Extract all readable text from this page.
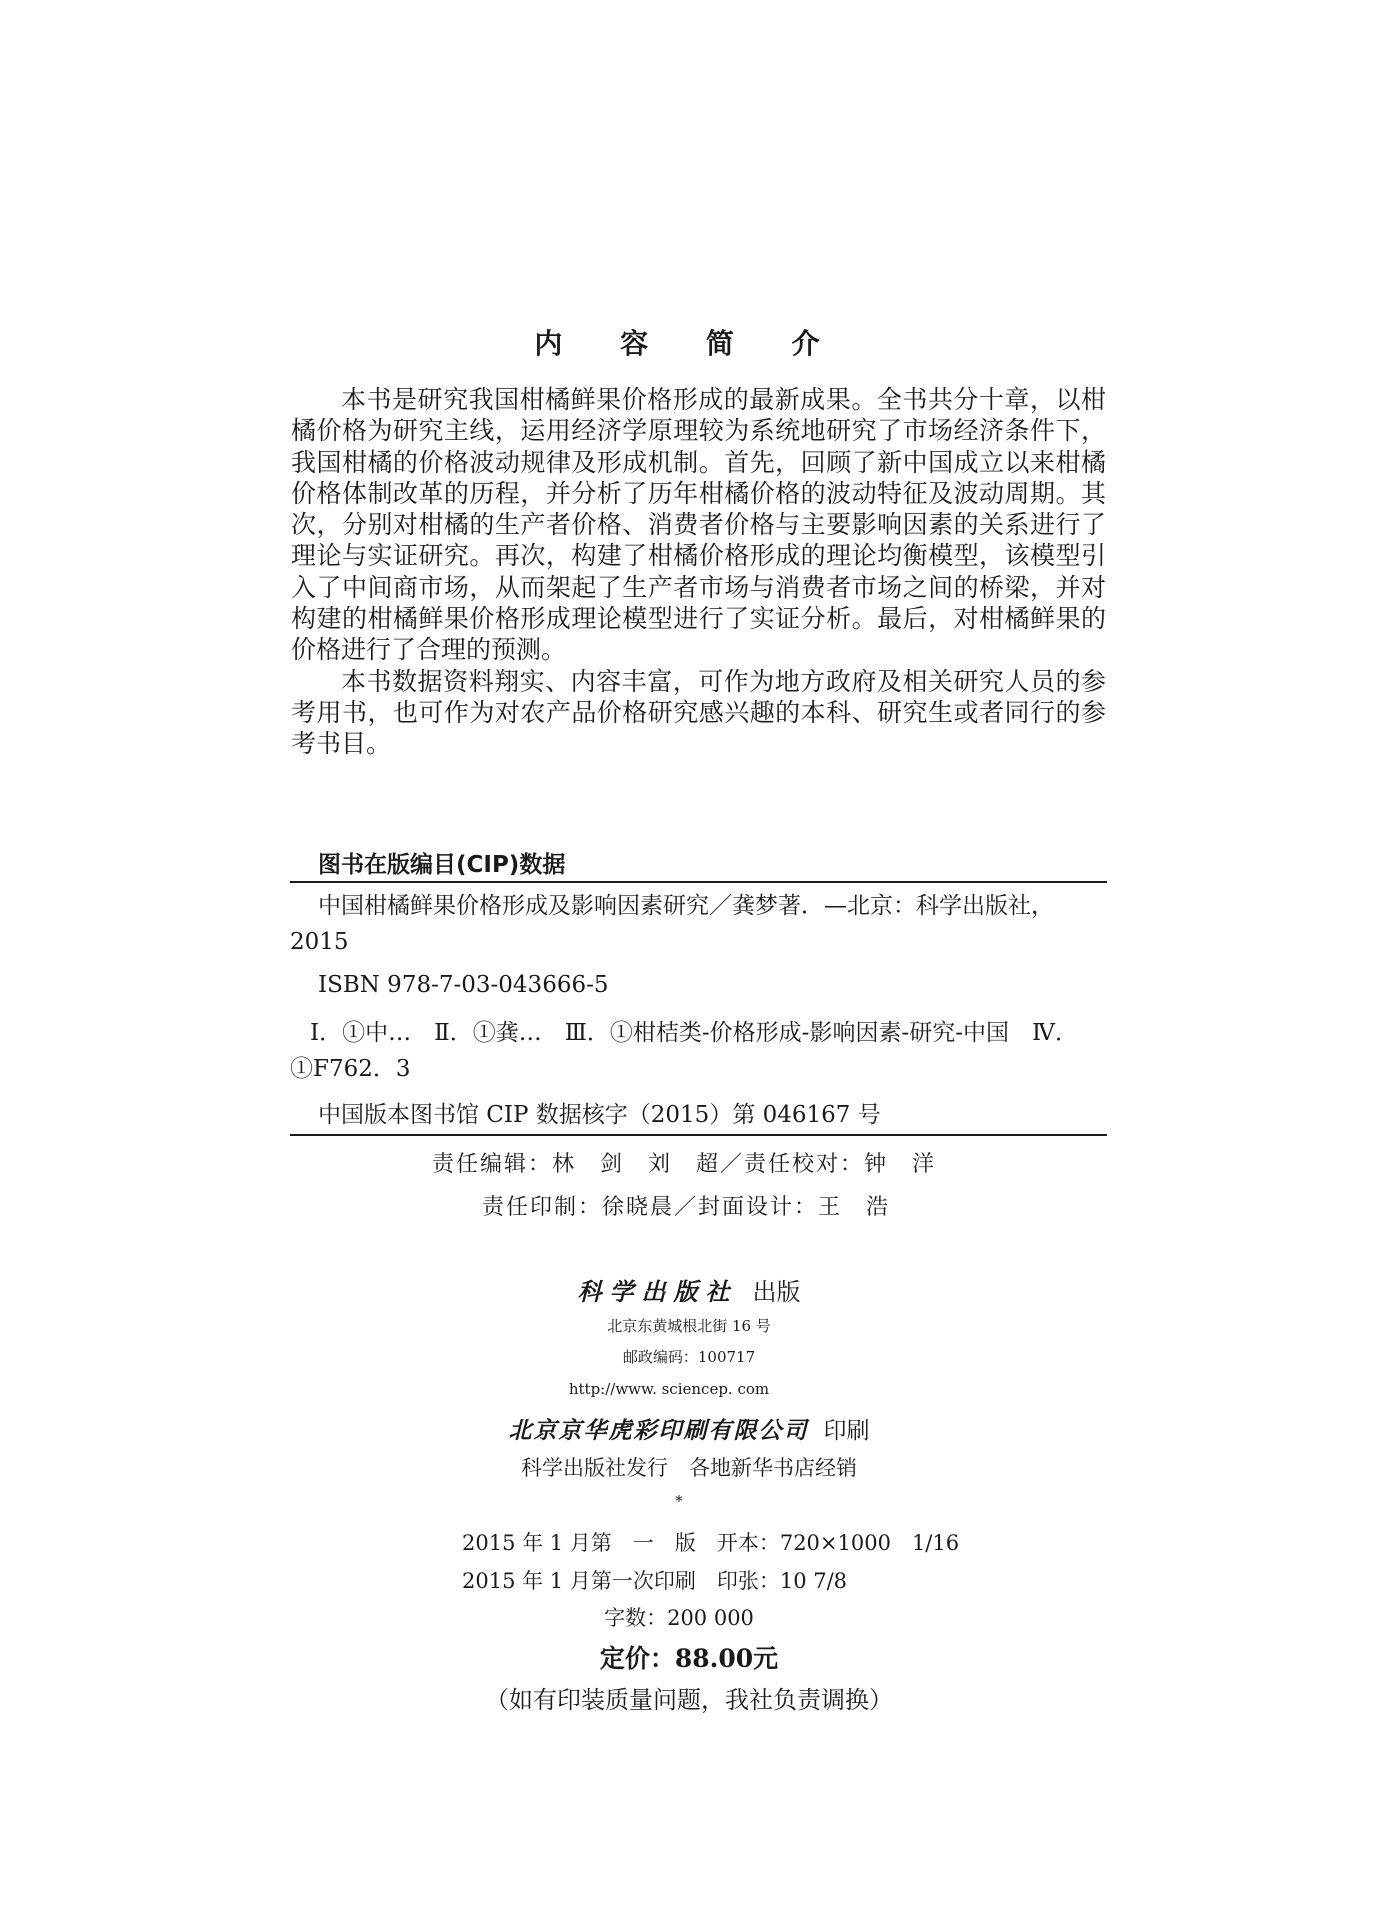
内 容 简 介

本书是研究我国柑橘鲜果价格形成的最新成果。全书共分十章，以柑橘价格为研究主线，运用经济学原理较为系统地研究了市场经济条件下，我国柑橘的价格波动规律及形成机制。首先，回顾了新中国成立以来柑橘价格体制改革的历程，并分析了历年柑橘价格的波动特征及波动周期。其次，分别对柑橘的生产者价格、消费者价格与主要影响因素的关系进行了理论与实证研究。再次，构建了柑橘价格形成的理论均衡模型，该模型引入了中间商市场，从而架起了生产者市场与消费者市场之间的桥梁，并对构建的柑橘鲜果价格形成理论模型进行了实证分析。最后，对柑橘鲜果的价格进行了合理的预测。

本书数据资料翔实、内容丰富，可作为地方政府及相关研究人员的参考用书，也可作为对农产品价格研究感兴趣的本科、研究生或者同行的参考书目。

图书在版编目(CIP)数据

中国柑橘鲜果价格形成及影响因素研究／龚梦著．—北京：科学出版社，2015

ISBN 978-7-03-043666-5

Ⅰ．①中…　Ⅱ．①龚…　Ⅲ．①柑桔类-价格形成-影响因素-研究-中国　Ⅳ．①F762．3

中国版本图书馆 CIP 数据核字（2015）第 046167 号
责任编辑：林　剑　刘　超／责任校对：钟　洋
责任印制：徐晓晨／封面设计：王　浩
科学出版社 出版
北京东黄城根北街 16 号
邮政编码：100717
http://www. sciencep. com
北京京华虎彩印刷有限公司 印刷
科学出版社发行　各地新华书店经销
*
2015 年 1 月第　一　版　开本：720×1000　1/16
2015 年 1 月第一次印刷　印张：10 7/8
字数：200 000
定价：88.00元
（如有印装质量问题，我社负责调换）
